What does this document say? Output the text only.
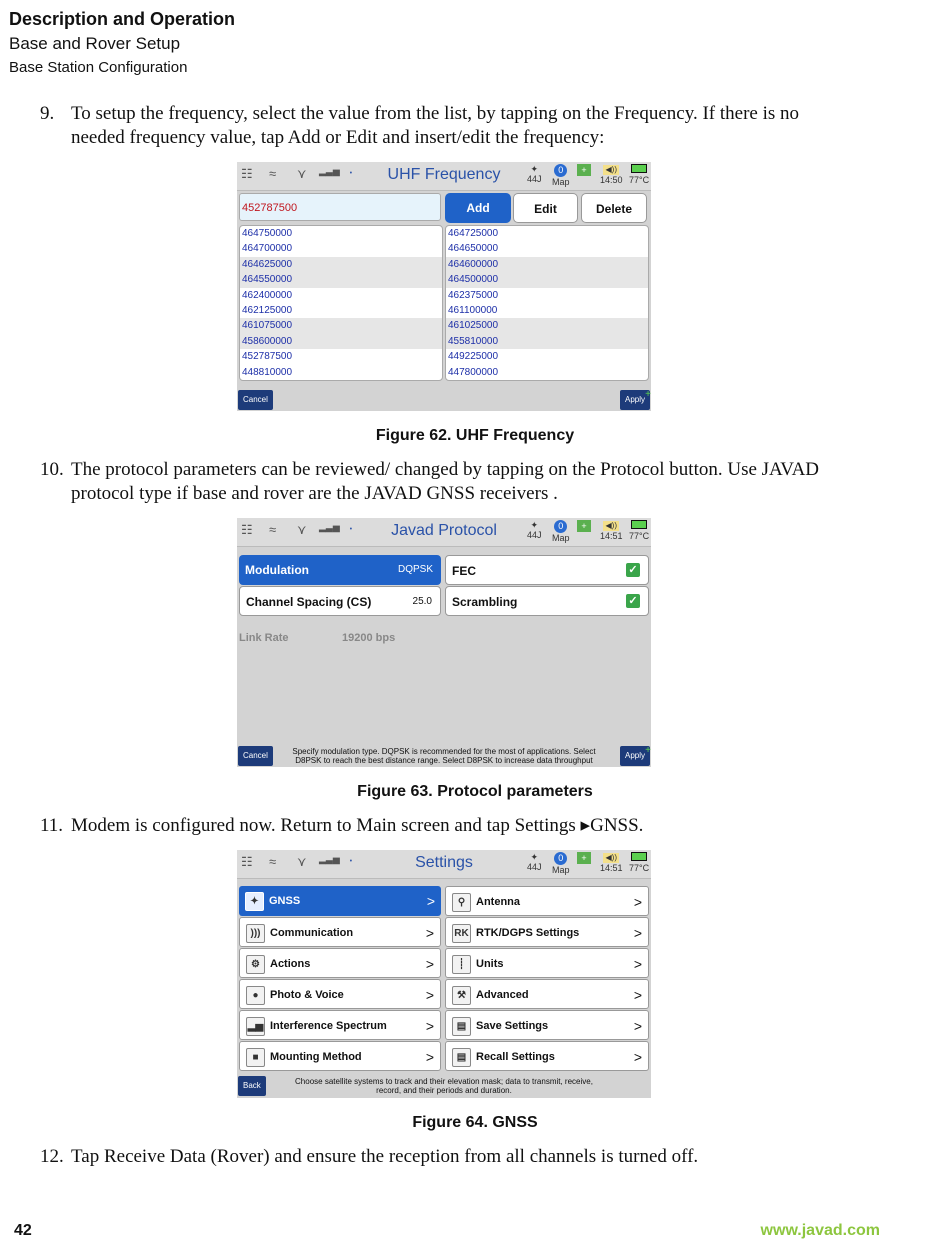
Description and Operation
Base and Rover Setup
Base Station Configuration
9. To setup the frequency, select the value from the list, by tapping on the Frequency. If there is no
needed frequency value, tap Add or Edit and insert/edit the frequency:
☷ ≈ ⋎ ▂▃▅ ᛫	UHF Frequency	✦
44J
0
Map
+	◀))
14:50 77°C
452787500	Add	Edit	Delete
464750000
464700000
464625000
464550000
462400000
462125000
461075000
458600000
452787500
448810000
464725000
464650000
464600000
464500000
462375000
461100000
461025000
455810000
449225000
447800000
Cancel	Apply +
Figure 62. UHF Frequency
10. The protocol parameters can be reviewed/ changed by tapping on the Protocol button. Use JAVAD
protocol type if base and rover are the JAVAD GNSS receivers .
☷ ≈ ⋎ ▂▃▅ ᛫	Javad Protocol	✦
44J
0
Map
+	◀))
14:51 77°C
Modulation	DQPSK	FEC	✓
Channel Spacing (CS)	25.0	Scrambling	✓
Link Rate	19200 bps
Cancel	Specify modulation type. DQPSK is recommended for the most of applications. Select
D8PSK to reach the best distance range. Select D8PSK to increase data throughput
Apply +
Figure 63. Protocol parameters
11. Modem is configured now. Return to Main screen and tap Settings ▸GNSS.
☷ ≈ ⋎ ▂▃▅ ᛫	Settings	✦
44J
0
Map
+	◀))
14:51 77°C
✦ GNSS	>
))) Communication	>
⚙ Actions	>
●	Photo & Voice	>
▂▅ Interference Spectrum	>
■	Mounting Method	>
⚲ Antenna	>
RK RTK/DGPS Settings	>
┊	Units	>
⚒ Advanced	>
▤ Save Settings	>
▤ Recall Settings	>
Back	Choose satellite systems to track and their elevation mask; data to transmit, receive,
record, and their periods and duration.
Figure 64. GNSS
12. Tap Receive Data (Rover) and ensure the reception from all channels is turned off.
42	www.javad.com
